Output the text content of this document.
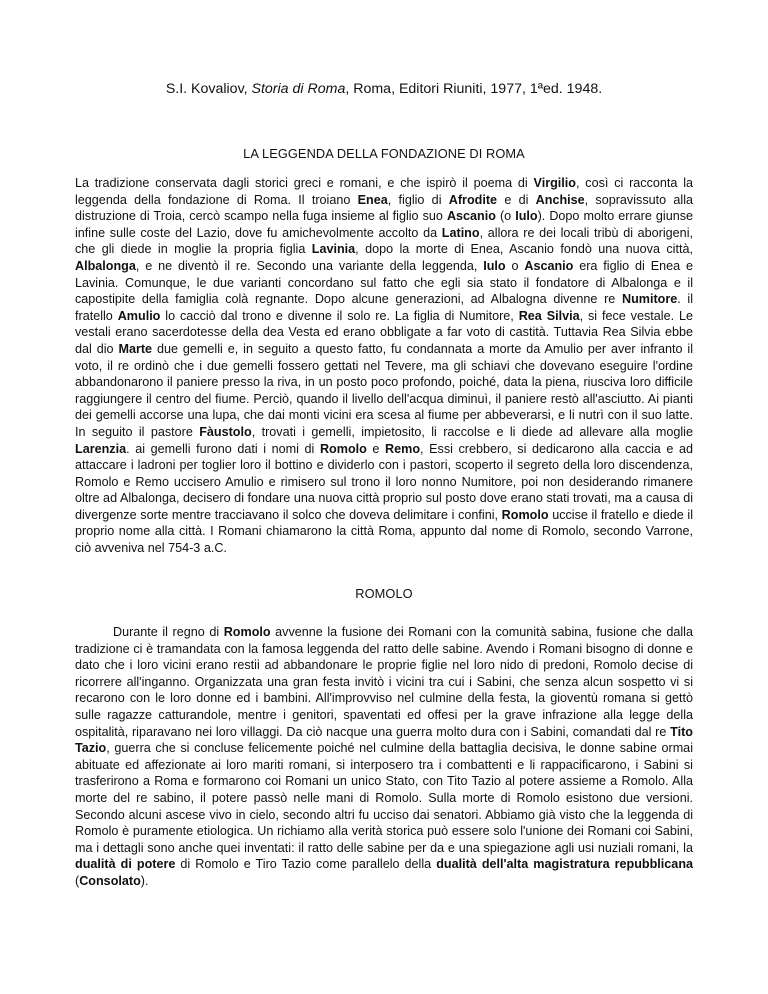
S.I. Kovaliov, Storia di Roma, Roma, Editori Riuniti, 1977, 1ªed. 1948.
LA LEGGENDA DELLA FONDAZIONE DI ROMA

La tradizione conservata dagli storici greci e romani, e che ispirò il poema di Virgilio, così ci racconta la leggenda della fondazione di Roma. Il troiano Enea, figlio di Afrodite e di Anchise, sopravissuto alla distruzione di Troia, cercò scampo nella fuga insieme al figlio suo Ascanio (o Iulo). Dopo molto errare giunse infine sulle coste del Lazio, dove fu amichevolmente accolto da Latino, allora re dei locali tribù di aborigeni, che gli diede in moglie la propria figlia Lavinia, dopo la morte di Enea, Ascanio fondò una nuova città, Albalonga, e ne diventò il re. Secondo una variante della leggenda, Iulo o Ascanio era figlio di Enea e Lavinia. Comunque, le due varianti concordano sul fatto che egli sia stato il fondatore di Albalonga e il capostipite della famiglia colà regnante. Dopo alcune generazioni, ad Albalogna divenne re Numitore. il fratello Amulio lo cacciò dal trono e divenne il solo re. La figlia di Numitore, Rea Silvia, si fece vestale. Le vestali erano sacerdotesse della dea Vesta ed erano obbligate a far voto di castità. Tuttavia Rea Silvia ebbe dal dio Marte due gemelli e, in seguito a questo fatto, fu condannata a morte da Amulio per aver infranto il voto, il re ordinò che i due gemelli fossero gettati nel Tevere, ma gli schiavi che dovevano eseguire l'ordine abbandonarono il paniere presso la riva, in un posto poco profondo, poiché, data la piena, riusciva loro difficile raggiungere il centro del fiume. Perciò, quando il livello dell'acqua diminuì, il paniere restò all'asciutto. Ai pianti dei gemelli accorse una lupa, che dai monti vicini era scesa al fiume per abbeverarsi, e li nutrì con il suo latte. In seguito il pastore Fàustolo, trovati i gemelli, impietosito, li raccolse e li diede ad allevare alla moglie Larenzia. ai gemelli furono dati i nomi di Romolo e Remo, Essi crebbero, si dedicarono alla caccia e ad attaccare i ladroni per toglier loro il bottino e dividerlo con i pastori, scoperto il segreto della loro discendenza, Romolo e Remo uccisero Amulio e rimisero sul trono il loro nonno Numitore, poi non desiderando rimanere oltre ad Albalonga, decisero di fondare una nuova città proprio sul posto dove erano stati trovati, ma a causa di divergenze sorte mentre tracciavano il solco che doveva delimitare i confini, Romolo uccise il fratello e diede il proprio nome alla città. I Romani chiamarono la città Roma, appunto dal nome di Romolo, secondo Varrone, ciò avveniva nel 754-3 a.C.

ROMOLO

Durante il regno di Romolo avvenne la fusione dei Romani con la comunità sabina, fusione che dalla tradizione ci è tramandata con la famosa leggenda del ratto delle sabine. Avendo i Romani bisogno di donne e dato che i loro vicini erano restii ad abbandonare le proprie figlie nel loro nido di predoni, Romolo decise di ricorrere all'inganno. Organizzata una gran festa invitò i vicini tra cui i Sabini, che senza alcun sospetto vi si recarono con le loro donne ed i bambini. All'improvviso nel culmine della festa, la gioventù romana si gettò sulle ragazze catturandole, mentre i genitori, spaventati ed offesi per la grave infrazione alla legge della ospitalità, riparavano nei loro villaggi. Da ciò nacque una guerra molto dura con i Sabini, comandati dal re Tito Tazio, guerra che si concluse felicemente poiché nel culmine della battaglia decisiva, le donne sabine ormai abituate ed affezionate ai loro mariti romani, si interposero tra i combattenti e li rappacificarono, i Sabini si trasferirono a Roma e formarono coi Romani un unico Stato, con Tito Tazio al potere assieme a Romolo. Alla morte del re sabino, il potere passò nelle mani di Romolo. Sulla morte di Romolo esistono due versioni. Secondo alcuni ascese vivo in cielo, secondo altri fu ucciso dai senatori. Abbiamo già visto che la leggenda di Romolo è puramente etiologica. Un richiamo alla verità storica può essere solo l'unione dei Romani coi Sabini, ma i dettagli sono anche quei inventati: il ratto delle sabine per da e una spiegazione agli usi nuziali romani, la dualità di potere di Romolo e Tiro Tazio come parallelo della dualità dell'alta magistratura repubblicana (Consolato).
